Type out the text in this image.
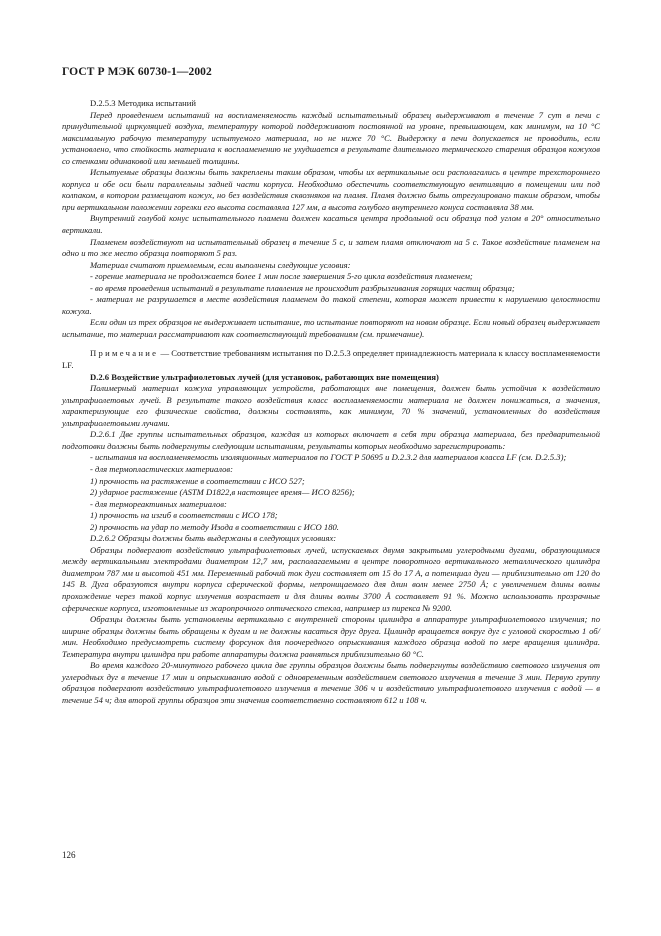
ГОСТ Р МЭК 60730-1—2002

D.2.5.3 Методика испытаний

Перед проведением испытаний на воспламеняемость каждый испытательный образец выдерживают в течение 7 сут в печи с принудительной циркуляцией воздуха, температуру которой поддерживают постоянной на уровне, превышающем, как минимум, на 10 °С максимальную рабочую температуру испытуемого материала, но не ниже 70 °С. Выдержку в печи допускается не проводить, если установлено, что стойкость материала к воспламенению не ухудшается в результате длительного термического старения образцов кожухов со стенками одинаковой или меньшей толщины.

Испытуемые образцы должны быть закреплены таким образом, чтобы их вертикальные оси располагались в центре трехстороннего корпуса и обе оси были параллельны задней части корпуса. Необходимо обеспечить соответствующую вентиляцию в помещении или под колпаком, в котором размещают кожух, но без воздействия сквозняков на пламя. Пламя должно быть отрегулировано таким образом, чтобы при вертикальном положении горелки его высота составляла 127 мм, а высота голубого внутреннего конуса составляла 38 мм.

Внутренний голубой конус испытательного пламени должен касаться центра продольной оси образца под углом в 20° относительно вертикали.

Пламенем воздействуют на испытательный образец в течение 5 с, и затем пламя отключают на 5 с. Такое воздействие пламенем на одно и то же место образца повторяют 5 раз.

Материал считают приемлемым, если выполнены следующие условия:

- горение материала не продолжается более 1 мин после завершения 5-го цикла воздействия пламенем;

- во время проведения испытаний в результате плавления не происходит разбрызгивания горящих частиц образца;

- материал не разрушается в месте воздействия пламенем до такой степени, которая может привести к нарушению целостности кожуха.

Если один из трех образцов не выдерживает испытание, то испытание повторяют на новом образце. Если новый образец выдерживает испытание, то материал рассматривают как соответствующий требованиям (см. примечание).

Примечание — Соответствие требованиям испытания по D.2.5.3 определяет принадлежность материала к классу воспламеняемости LF.

D.2.6 Воздействие ультрафиолетовых лучей (для установок, работающих вне помещения)

Полимерный материал кожуха управляющих устройств, работающих вне помещения, должен быть устойчив к воздействию ультрафиолетовых лучей. В результате такого воздействия класс воспламеняемости материала не должен понижаться, а значения, характеризующие его физические свойства, должны составлять, как минимум, 70 % значений, установленных до воздействия ультрафиолетовыми лучами.

D.2.6.1 Две группы испытательных образцов, каждая из которых включает в себя три образца материала, без предварительной подготовки должны быть подвергнуты следующим испытаниям, результаты которых необходимо зарегистрировать:

- испытания на воспламеняемость изоляционных материалов по ГОСТ Р 50695 и D.2.3.2 для материалов класса LF (см. D.2.5.3);

- для термопластических материалов:

1) прочность на растяжение в соответствии с ИСО 527;

2) ударное растяжение (ASTM D1822,в настоящее время— ИСО 8256);

- для термореактивных материалов:

1) прочность на изгиб в соответствии с ИСО 178;

2) прочность на удар по методу Изода в соответствии с ИСО 180.

D.2.6.2 Образцы должны быть выдержаны в следующих условиях:

Образцы подвергают воздействию ультрафиолетовых лучей, испускаемых двумя закрытыми углеродными дугами, образующимися между вертикальными электродами диаметром 12,7 мм, располагаемыми в центре поворотного вертикального металлического цилиндра диаметром 787 мм и высотой 451 мм. Переменный рабочий ток дуги составляет от 15 до 17 А, а потенциал дуги — приблизительно от 120 до 145 В. Дуга образуются внутри корпуса сферической формы, непроницаемого для длин волн менее 2750 Å; с увеличением длины волны прохождение через такой корпус излучения возрастает и для длины волны 3700 Å составляет 91 %. Можно использовать прозрачные сферические корпуса, изготовленные из жаропрочного оптического стекла, например из пирекса № 9200.

Образцы должны быть установлены вертикально с внутренней стороны цилиндра в аппаратуре ультрафиолетового излучения; по ширине образцы должны быть обращены к дугам и не должны касаться друг друга. Цилиндр вращается вокруг дуг с угловой скоростью 1 об/мин. Необходимо предусмотреть систему форсунок для поочередного опрыскивания каждого образца водой по мере вращения цилиндра. Температура внутри цилиндра при работе аппаратуры должна равняться приблизительно 60 °С.

Во время каждого 20-минутного рабочего цикла две группы образцов должны быть подвергнуты воздействию светового излучения от углеродных дуг в течение 17 мин и опрыскиванию водой с одновременным воздействием светового излучения в течение 3 мин. Первую группу образцов подвергают воздействию ультрафиолетового излучения в течение 306 ч и воздействию ультрафиолетового излучения с водой — в течение 54 ч; для второй группы образцов эти значения соответственно составляют 612 и 108 ч.

126
